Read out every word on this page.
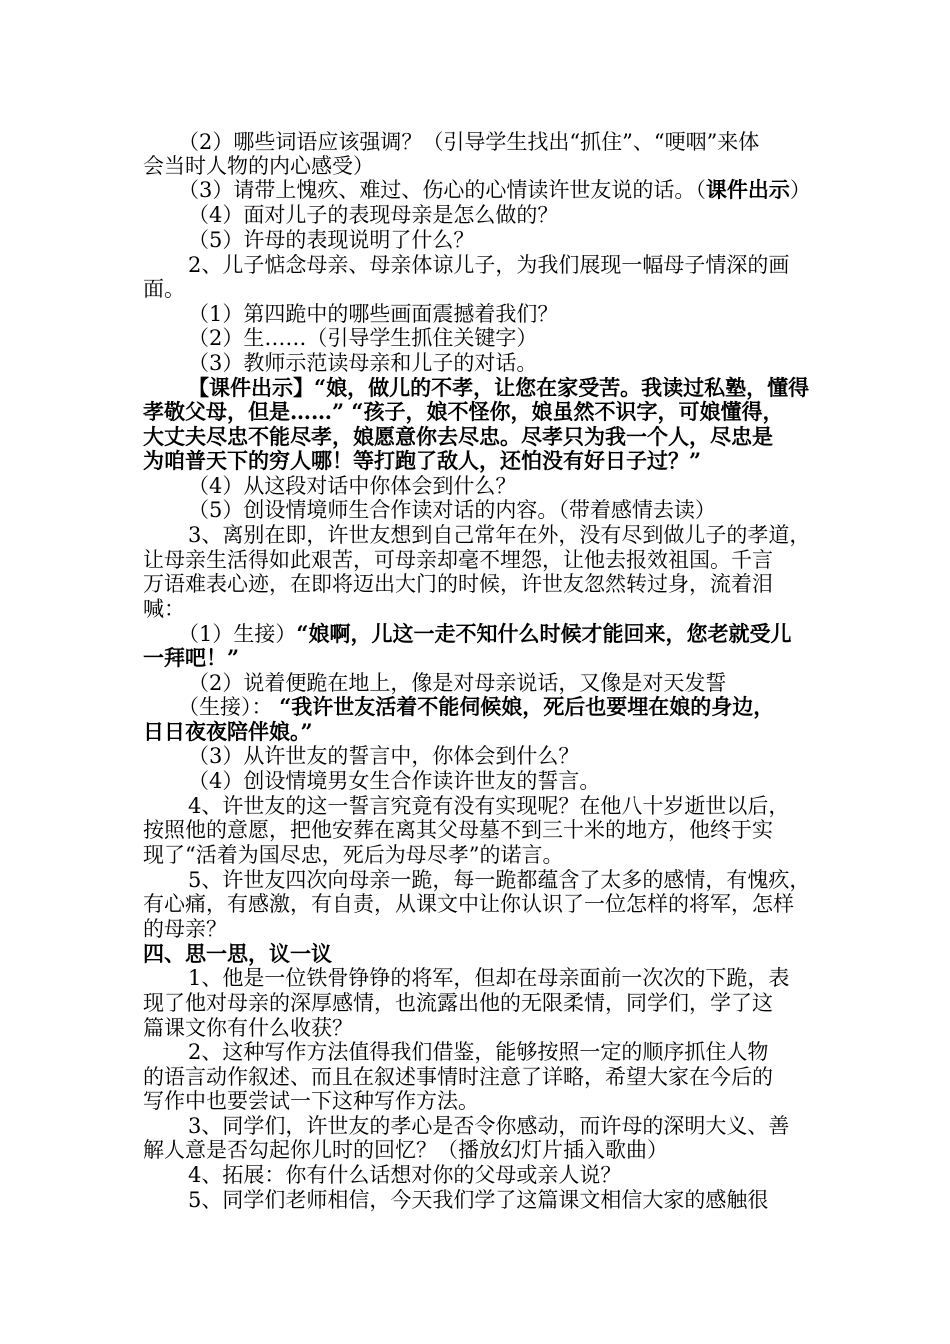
（2）哪些词语应该强调？（引导学生找出“抓住”、“哽咽”来体
会当时人物的内心感受）
（3）请带上愧疚、难过、伤心的心情读许世友说的话。（课件出示）
（4）面对儿子的表现母亲是怎么做的？
（5）许母的表现说明了什么？
2、儿子惦念母亲、母亲体谅儿子，为我们展现一幅母子情深的画
面。
（1）第四跪中的哪些画面震撼着我们？
（2）生……（引导学生抓住关键字）
（3）教师示范读母亲和儿子的对话。
【课件出示】“娘，做儿的不孝，让您在家受苦。我读过私塾，懂得
孝敬父母，但是……” “孩子，娘不怪你，娘虽然不识字，可娘懂得，
大丈夫尽忠不能尽孝，娘愿意你去尽忠。尽孝只为我一个人，尽忠是
为咱普天下的穷人哪！等打跑了敌人，还怕没有好日子过？”
（4）从这段对话中你体会到什么？
（5）创设情境师生合作读对话的内容。（带着感情去读）
3、离别在即，许世友想到自己常年在外，没有尽到做儿子的孝道，
让母亲生活得如此艰苦，可母亲却毫不埋怨，让他去报效祖国。千言
万语难表心迹，在即将迈出大门的时候，许世友忽然转过身，流着泪
喊：
（1）生接）“娘啊，儿这一走不知什么时候才能回来，您老就受儿
一拜吧！”
（2）说着便跪在地上，像是对母亲说话，又像是对天发誓
（生接）： “我许世友活着不能伺候娘，死后也要埋在娘的身边，
日日夜夜陪伴娘。”
（3）从许世友的誓言中，你体会到什么？
（4）创设情境男女生合作读许世友的誓言。
4、许世友的这一誓言究竟有没有实现呢？在他八十岁逝世以后，
按照他的意愿，把他安葬在离其父母墓不到三十米的地方，他终于实
现了“活着为国尽忠，死后为母尽孝”的诺言。
5、许世友四次向母亲一跪，每一跪都蕴含了太多的感情，有愧疚，
有心痛，有感激，有自责，从课文中让你认识了一位怎样的将军，怎样
的母亲？
四、思一思，议一议
1、他是一位铁骨铮铮的将军，但却在母亲面前一次次的下跪，表
现了他对母亲的深厚感情，也流露出他的无限柔情，同学们，学了这
篇课文你有什么收获？
2、这种写作方法值得我们借鉴，能够按照一定的顺序抓住人物
的语言动作叙述、而且在叙述事情时注意了详略，希望大家在今后的
写作中也要尝试一下这种写作方法。
3、同学们，许世友的孝心是否令你感动，而许母的深明大义、善
解人意是否勾起你儿时的回忆？（播放幻灯片插入歌曲）
4、拓展：你有什么话想对你的父母或亲人说？
5、同学们老师相信，今天我们学了这篇课文相信大家的感触很
